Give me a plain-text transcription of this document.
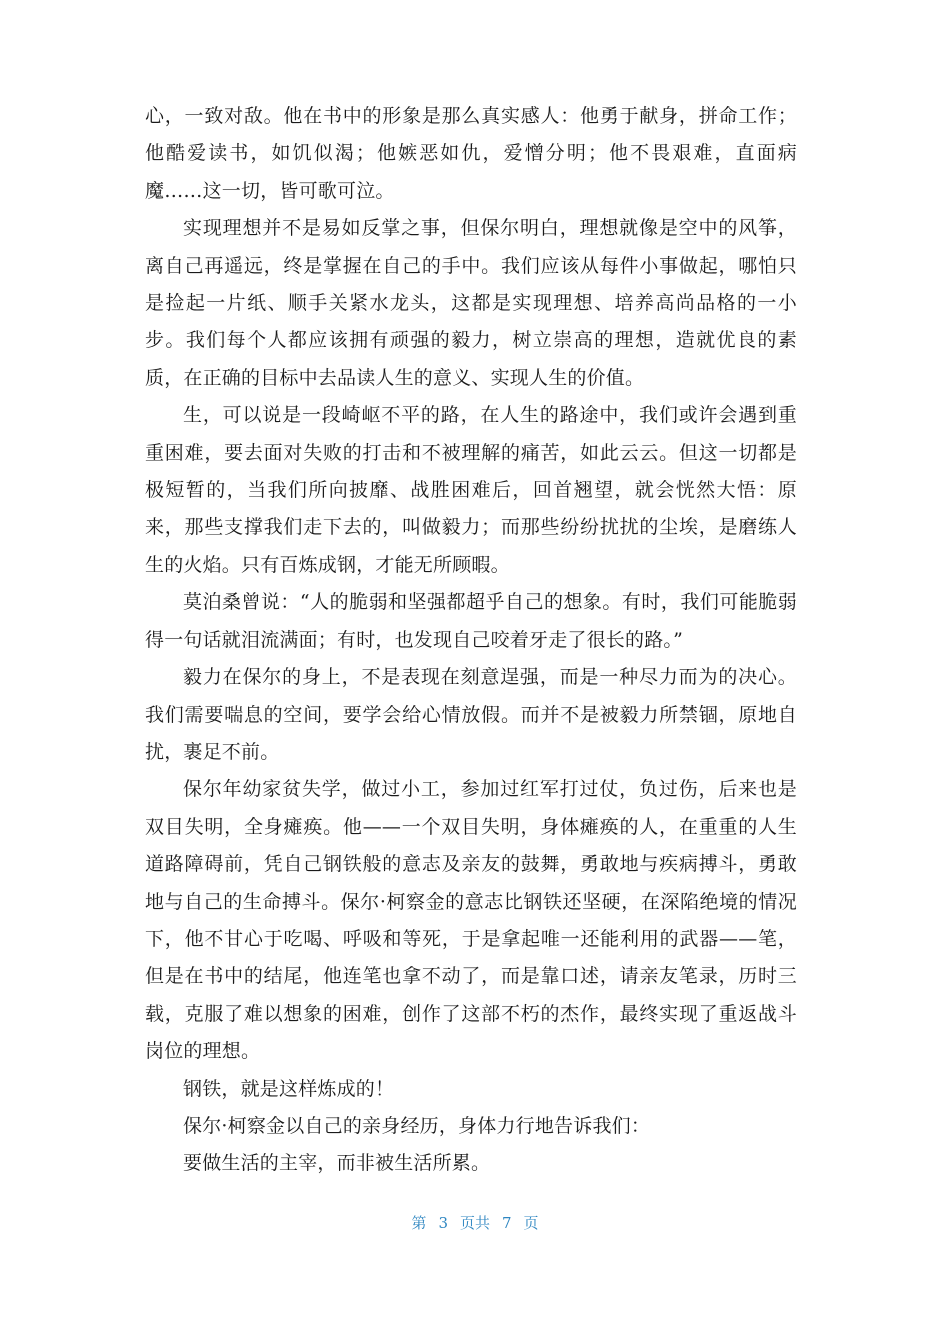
心，一致对敌。他在书中的形象是那么真实感人：他勇于献身，拼命工作；他酷爱读书，如饥似渴；他嫉恶如仇，爱憎分明；他不畏艰难，直面病魔……这一切，皆可歌可泣。

实现理想并不是易如反掌之事，但保尔明白，理想就像是空中的风筝，离自己再遥远，终是掌握在自己的手中。我们应该从每件小事做起，哪怕只是捡起一片纸、顺手关紧水龙头，这都是实现理想、培养高尚品格的一小步。我们每个人都应该拥有顽强的毅力，树立崇高的理想，造就优良的素质，在正确的目标中去品读人生的意义、实现人生的价值。

生，可以说是一段崎岖不平的路，在人生的路途中，我们或许会遇到重重困难，要去面对失败的打击和不被理解的痛苦，如此云云。但这一切都是极短暂的，当我们所向披靡、战胜困难后，回首翘望，就会恍然大悟：原来，那些支撑我们走下去的，叫做毅力；而那些纷纷扰扰的尘埃，是磨练人生的火焰。只有百炼成钢，才能无所顾暇。

莫泊桑曾说：“人的脆弱和坚强都超乎自己的想象。有时，我们可能脆弱得一句话就泪流满面；有时，也发现自己咬着牙走了很长的路。”

毅力在保尔的身上，不是表现在刻意逞强，而是一种尽力而为的决心。我们需要喘息的空间，要学会给心情放假。而并不是被毅力所禁锢，原地自扰，裹足不前。

保尔年幼家贫失学，做过小工，参加过红军打过仗，负过伤，后来也是双目失明，全身瘫痪。他——一个双目失明，身体瘫痪的人，在重重的人生道路障碍前，凭自己钢铁般的意志及亲友的鼓舞，勇敢地与疾病搏斗，勇敢地与自己的生命搏斗。保尔·柯察金的意志比钢铁还坚硬，在深陷绝境的情况下，他不甘心于吃喝、呼吸和等死，于是拿起唯一还能利用的武器——笔，但是在书中的结尾，他连笔也拿不动了，而是靠口述，请亲友笔录，历时三载，克服了难以想象的困难，创作了这部不朽的杰作，最终实现了重返战斗岗位的理想。

钢铁，就是这样炼成的！

保尔·柯察金以自己的亲身经历，身体力行地告诉我们：

要做生活的主宰，而非被生活所累。

第 3 页共 7 页
